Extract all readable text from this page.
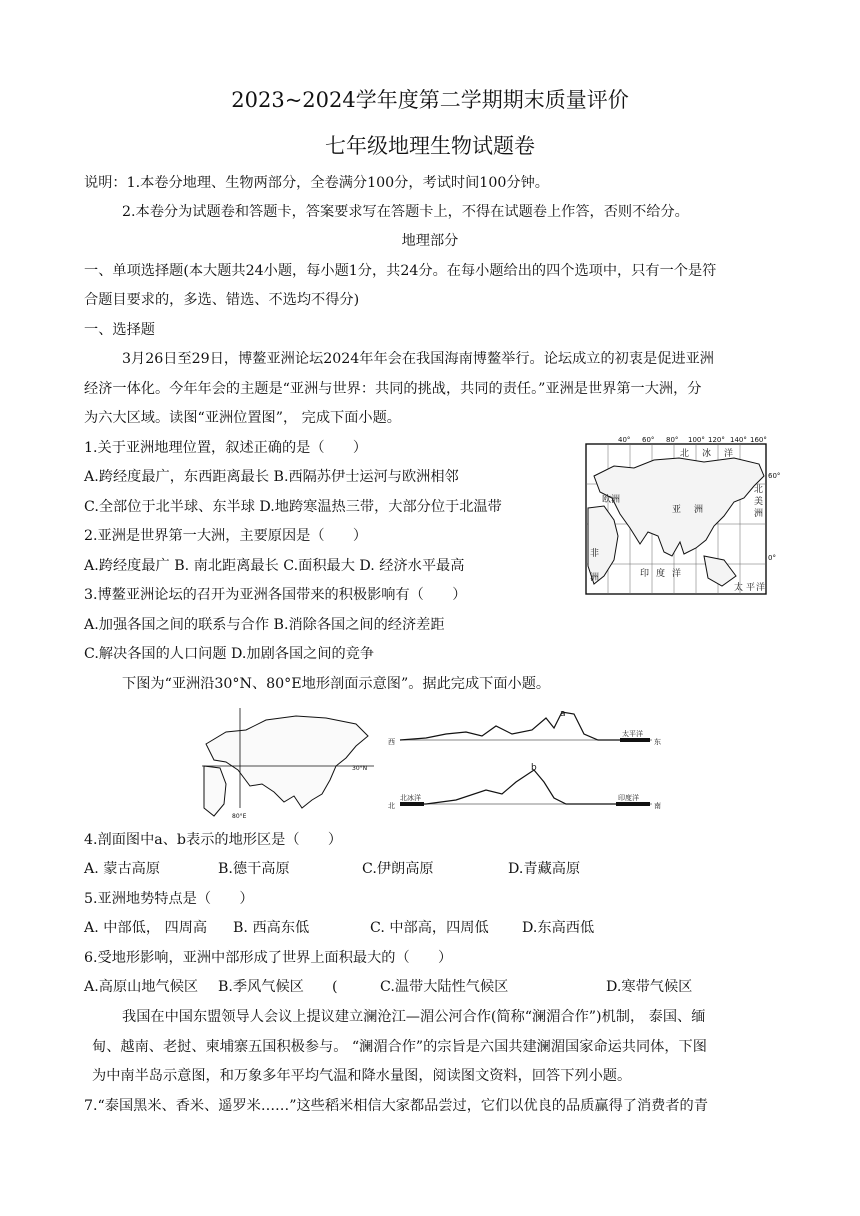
2023~2024学年度第二学期期末质量评价
七年级地理生物试题卷
说明：1.本卷分地理、生物两部分，全卷满分100分，考试时间100分钟。
2.本卷分为试题卷和答题卡，答案要求写在答题卡上，不得在试题卷上作答，否则不给分。
地理部分
一、单项选择题(本大题共24小题，每小题1分，共24分。在每小题给出的四个选项中，只有一个是符
合题目要求的，多选、错选、不选均不得分)
一、选择题
3月26日至29日，博鳌亚洲论坛2024年年会在我国海南博鳌举行。论坛成立的初衷是促进亚洲
经济一体化。今年年会的主题是“亚洲与世界：共同的挑战，共同的责任。”亚洲是世界第一大洲，分
为六大区域。读图“亚洲位置图”， 完成下面小题。
1.关于亚洲地理位置，叙述正确的是（　　）
A.跨经度最广，东西距离最长 B.西隔苏伊士运河与欧洲相邻
C.全部位于北半球、东半球 D.地跨寒温热三带，大部分位于北温带
2.亚洲是世界第一大洲，主要原因是（　　）
A.跨经度最广 B. 南北距离最长 C.面积最大 D. 经济水平最高
3.博鳌亚洲论坛的召开为亚洲各国带来的积极影响有（　　）
A.加强各国之间的联系与合作 B.消除各国之间的经济差距
C.解决各国的人口问题 D.加剧各国之间的竞争
下图为“亚洲沿30°N、80°E地形剖面示意图”。据此完成下面小题。
40° 60° 80° 100° 120° 140° 160°
60°
0°
北 冰 洋
欧洲
亚 洲
非
洲
北
美
洲
印 度 洋
太 平 洋
30°N
80°E
西	东
太平洋
a
北	南
北冰洋	印度洋
b
4.剖面图中a、b表示的地形区是（　　）
A. 蒙古高原	B.德干高原	C.伊朗高原	D.青藏高原
5.亚洲地势特点是（　　）
A. 中部低， 四周高 B. 西高东低	C. 中部高，四周低 D.东高西低
6.受地形影响，亚洲中部形成了世界上面积最大的（　　）
A.高原山地气候区 B.季风气候区 (	C.温带大陆性气候区	D.寒带气候区
我国在中国东盟领导人会议上提议建立澜沧江—湄公河合作(简称“澜湄合作”)机制， 泰国、缅
甸、越南、老挝、柬埔寨五国积极参与。 “澜湄合作”的宗旨是六国共建澜湄国家命运共同体，下图
为中南半岛示意图，和万象多年平均气温和降水量图，阅读图文资料，回答下列小题。
7.“泰国黑米、香米、遥罗米……”这些稻米相信大家都品尝过，它们以优良的品质赢得了消费者的青
